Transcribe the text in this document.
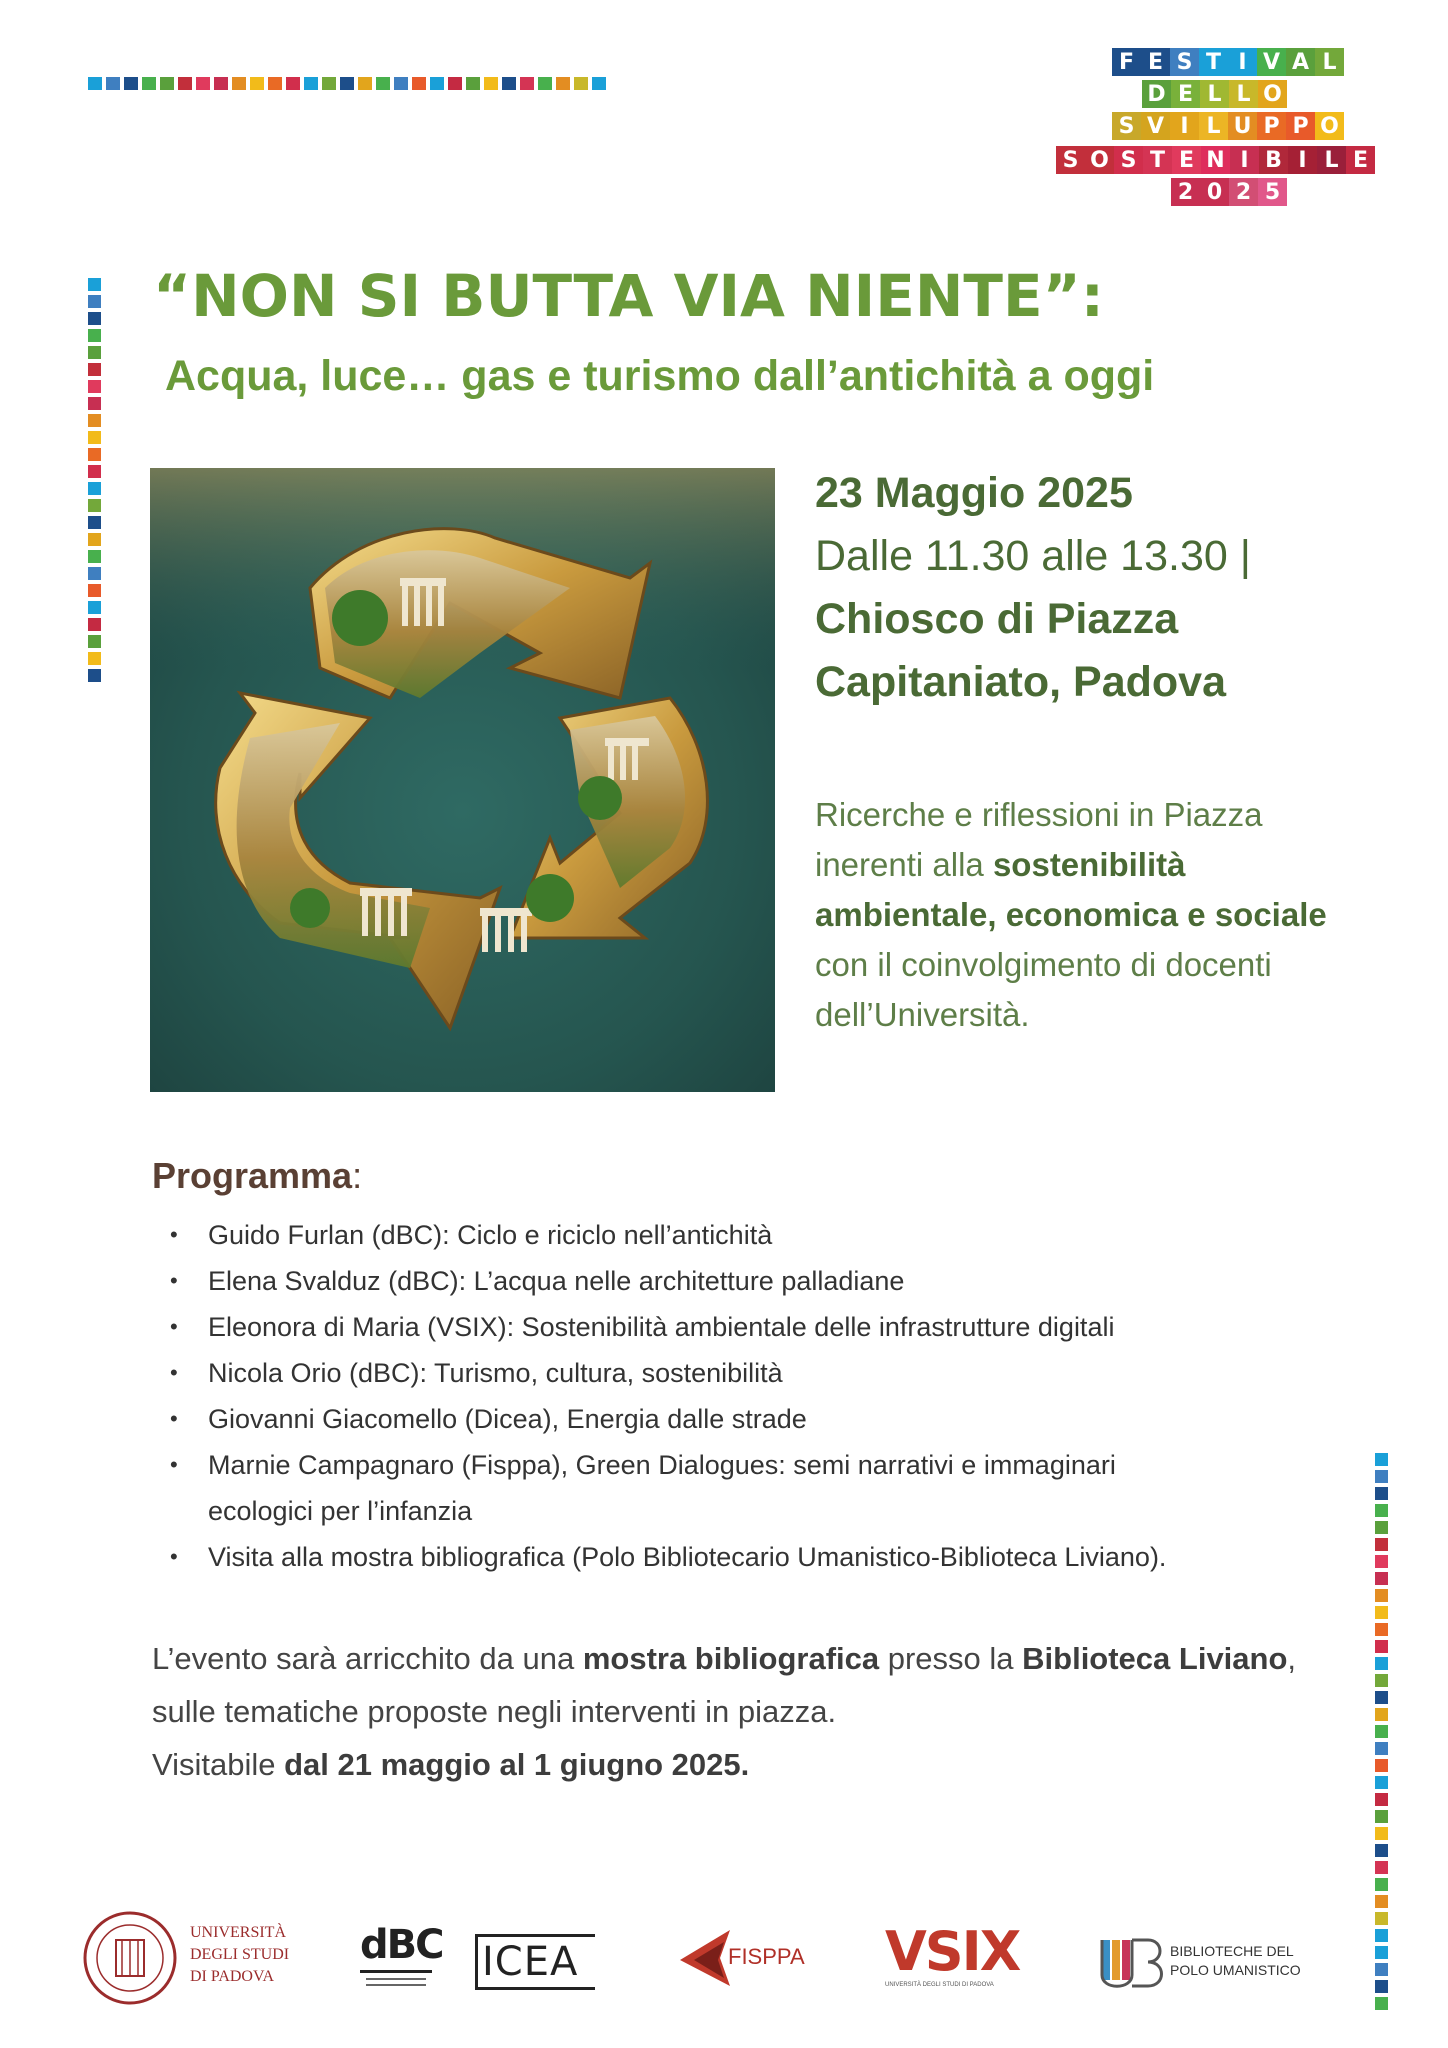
F E S T I V A L
D E L L O
S V I L U P P O
S O S T E N I B I L E
2 0 2 5
“NON SI BUTTA VIA NIENTE”:
Acqua, luce… gas e turismo dall’antichità a oggi
23 Maggio 2025
Dalle 11.30 alle 13.30 |
Chiosco di Piazza
Capitaniato, Padova

Ricerche e riflessioni in Piazza inerenti alla sostenibilità ambientale, economica e sociale con il coinvolgimento di docenti dell’Università.

Programma:
• Guido Furlan (dBC): Ciclo e riciclo nell’antichità
• Elena Svalduz (dBC): L’acqua nelle architetture palladiane
• Eleonora di Maria (VSIX): Sostenibilità ambientale delle infrastrutture digitali
• Nicola Orio (dBC): Turismo, cultura, sostenibilità
• Giovanni Giacomello (Dicea), Energia dalle strade
• Marnie Campagnaro (Fisppa), Green Dialogues: semi narrativi e immaginari ecologici per l’infanzia
• Visita alla mostra bibliografica (Polo Bibliotecario Umanistico-Biblioteca Liviano).
L’evento sarà arricchito da una mostra bibliografica presso la Biblioteca Liviano, sulle tematiche proposte negli interventi in piazza.
Visitabile dal 21 maggio al 1 giugno 2025.
UNIVERSITÀ
DEGLI STUDI
DI PADOVA
dBC ICEA	FISPPA VSIX
UNIVERSITÀ DEGLI STUDI DI PADOVA
BIBLIOTECHE DEL
POLO UMANISTICO
